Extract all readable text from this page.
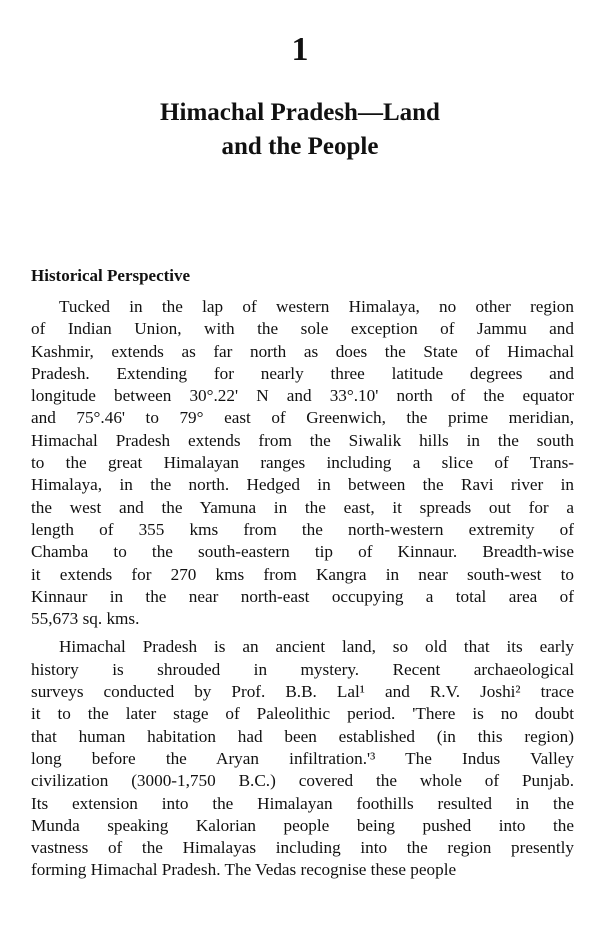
1
Himachal Pradesh—Land
and the People
Historical Perspective
Tucked in the lap of western Himalaya, no other region
of Indian Union, with the sole exception of Jammu and
Kashmir, extends as far north as does the State of Himachal
Pradesh. Extending for nearly three latitude degrees and
longitude between 30°.22' N and 33°.10' north of the equator
and 75°.46' to 79° east of Greenwich, the prime meridian,
Himachal Pradesh extends from the Siwalik hills in the south
to the great Himalayan ranges including a slice of Trans-
Himalaya, in the north. Hedged in between the Ravi river in
the west and the Yamuna in the east, it spreads out for a
length of 355 kms from the north-western extremity of
Chamba to the south-eastern tip of Kinnaur. Breadth-wise
it extends for 270 kms from Kangra in near south-west to
Kinnaur in the near north-east occupying a total area of
55,673 sq. kms.
Himachal Pradesh is an ancient land, so old that its early
history is shrouded in mystery. Recent archaeological
surveys conducted by Prof. B.B. Lal¹ and R.V. Joshi² trace
it to the later stage of Paleolithic period. 'There is no doubt
that human habitation had been established (in this region)
long before the Aryan infiltration.'³ The Indus Valley
civilization (3000-1,750 B.C.) covered the whole of Punjab.
Its extension into the Himalayan foothills resulted in the
Munda speaking Kalorian people being pushed into the
vastness of the Himalayas including into the region presently
forming Himachal Pradesh. The Vedas recognise these people
